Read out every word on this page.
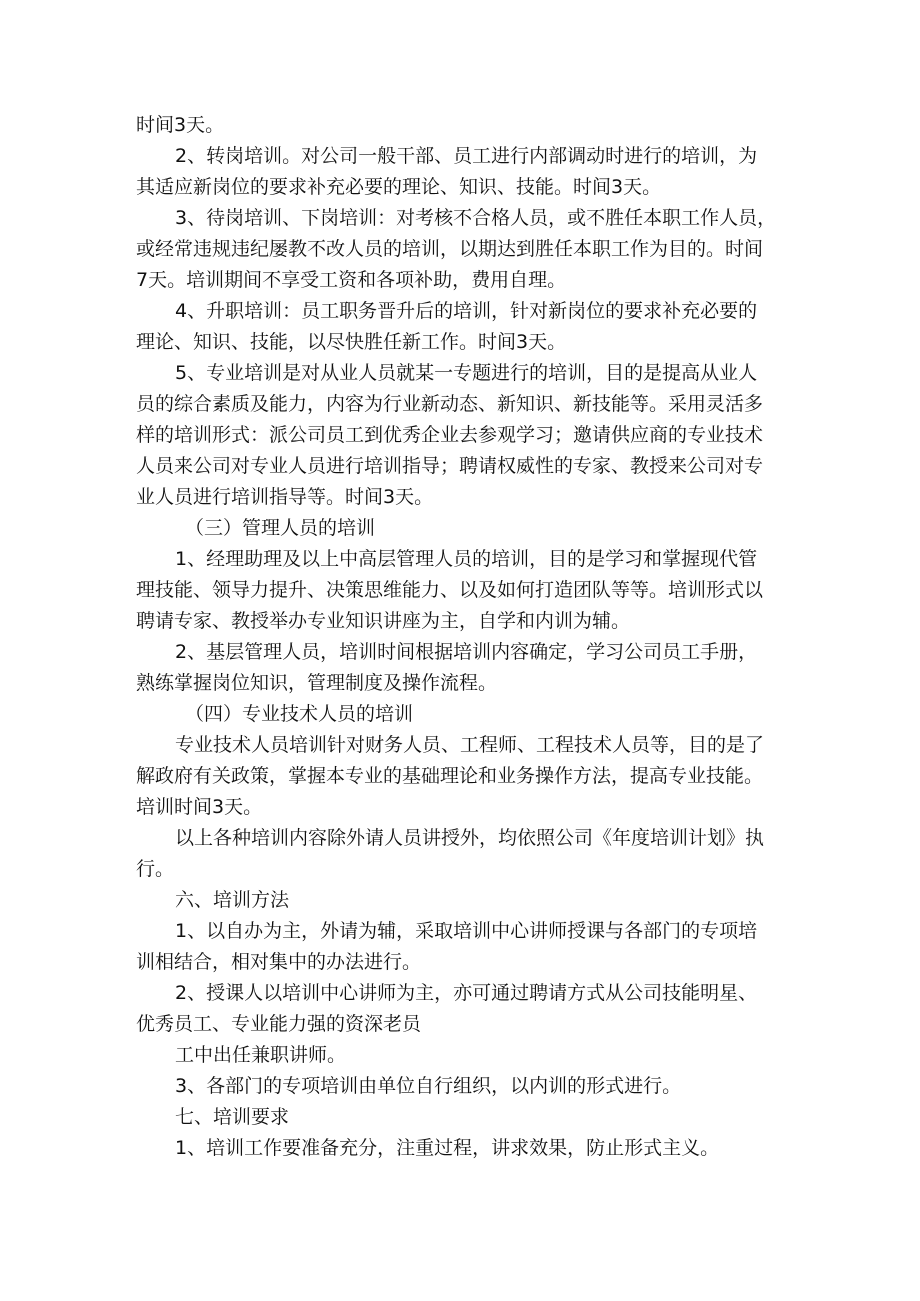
时间3天。
2、转岗培训。对公司一般干部、员工进行内部调动时进行的培训，为
其适应新岗位的要求补充必要的理论、知识、技能。时间3天。
3、待岗培训、下岗培训：对考核不合格人员，或不胜任本职工作人员，
或经常违规违纪屡教不改人员的培训，以期达到胜任本职工作为目的。时间
7天。培训期间不享受工资和各项补助，费用自理。
4、升职培训：员工职务晋升后的培训，针对新岗位的要求补充必要的
理论、知识、技能，以尽快胜任新工作。时间3天。
5、专业培训是对从业人员就某一专题进行的培训，目的是提高从业人
员的综合素质及能力，内容为行业新动态、新知识、新技能等。采用灵活多
样的培训形式：派公司员工到优秀企业去参观学习；邀请供应商的专业技术
人员来公司对专业人员进行培训指导；聘请权威性的专家、教授来公司对专
业人员进行培训指导等。时间3天。
（三）管理人员的培训
1、经理助理及以上中高层管理人员的培训，目的是学习和掌握现代管
理技能、领导力提升、决策思维能力、以及如何打造团队等等。培训形式以
聘请专家、教授举办专业知识讲座为主，自学和内训为辅。
2、基层管理人员，培训时间根据培训内容确定，学习公司员工手册，
熟练掌握岗位知识，管理制度及操作流程。
（四）专业技术人员的培训
专业技术人员培训针对财务人员、工程师、工程技术人员等，目的是了
解政府有关政策，掌握本专业的基础理论和业务操作方法，提高专业技能。
培训时间3天。
以上各种培训内容除外请人员讲授外，均依照公司《年度培训计划》执
行。
六、培训方法
1、以自办为主，外请为辅，采取培训中心讲师授课与各部门的专项培
训相结合，相对集中的办法进行。
2、授课人以培训中心讲师为主，亦可通过聘请方式从公司技能明星、
优秀员工、专业能力强的资深老员
工中出任兼职讲师。
3、各部门的专项培训由单位自行组织，以内训的形式进行。
七、培训要求
1、培训工作要准备充分，注重过程，讲求效果，防止形式主义。
